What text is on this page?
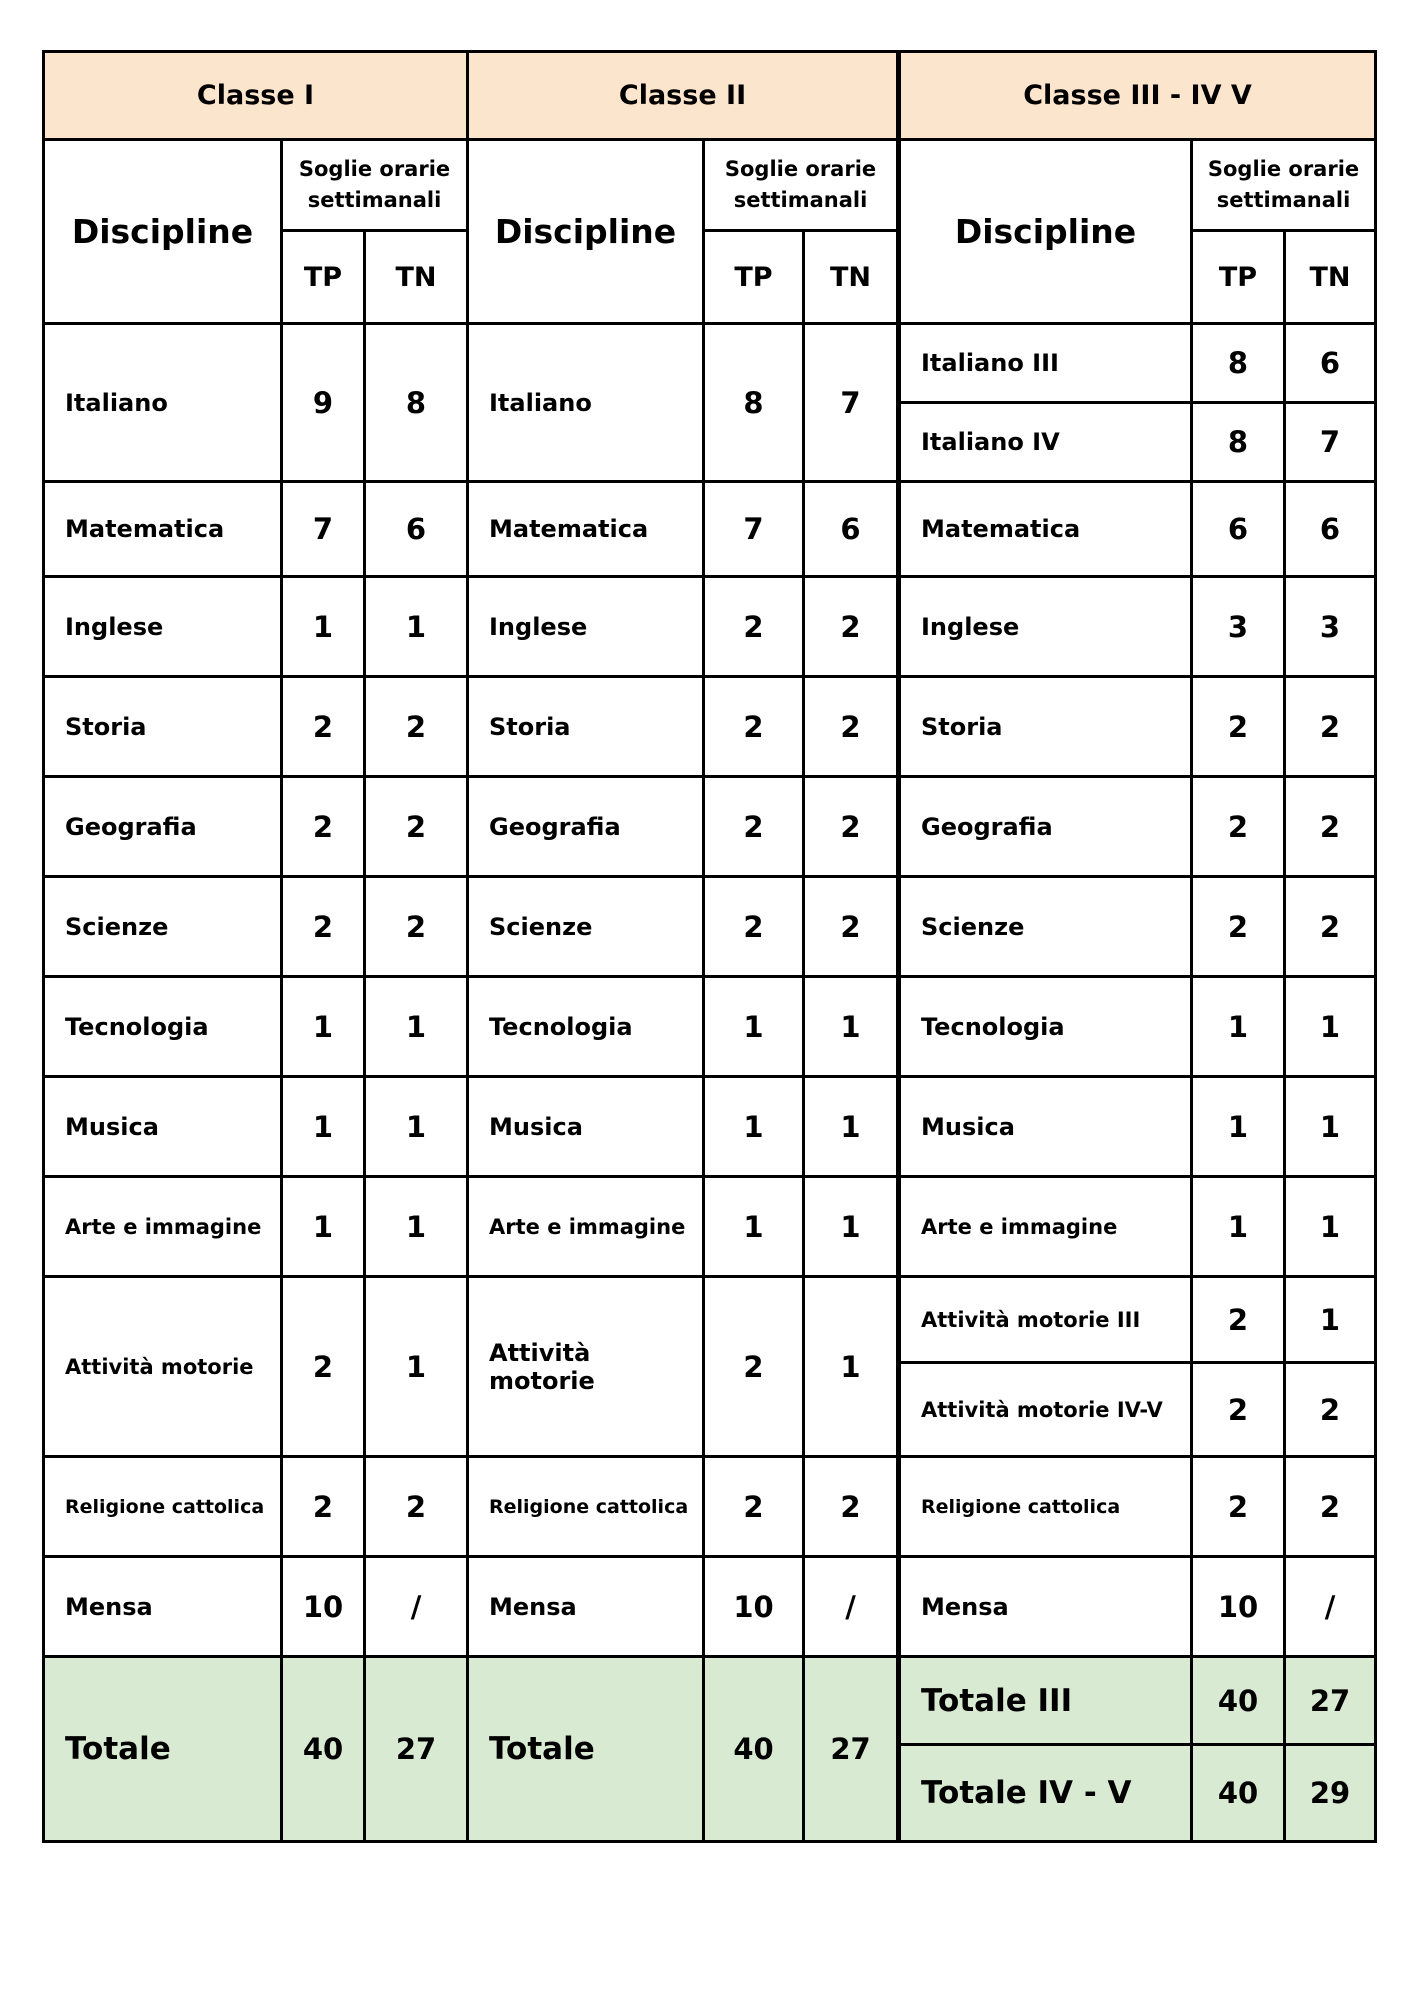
Classe I		
Discipline	Soglie orarie settimanali	
	TP	TN
Italiano	9	8
Matematica	7	6
Inglese	1	1
Storia	2	2
Geografia	2	2
Scienze	2	2
Tecnologia	1	1
Musica	1	1
Arte e immagine	1	1
Attività motorie	2	1
Religione cattolica	2	2
Mensa	10	/
Totale	40	27
Classe II		
Discipline	Soglie orarie settimanali	
	TP	TN
Italiano	8	7
Matematica	7	6
Inglese	2	2
Storia	2	2
Geografia	2	2
Scienze	2	2
Tecnologia	1	1
Musica	1	1
Arte e immagine	1	1
Attività motorie	2	1
Religione cattolica	2	2
Mensa	10	/
Totale	40	27
Classe III - IV V		
Discipline	Soglie orarie settimanali	
	TP	TN
Italiano III	8	6
Italiano IV	8	7
Matematica	6	6
Inglese	3	3
Storia	2	2
Geografia	2	2
Scienze	2	2
Tecnologia	1	1
Musica	1	1
Arte e immagine	1	1
Attività motorie III	2	1
Attività motorie IV-V	2	2
Religione cattolica	2	2
Mensa	10	/
Totale III	40	27
Totale IV - V	40	29
